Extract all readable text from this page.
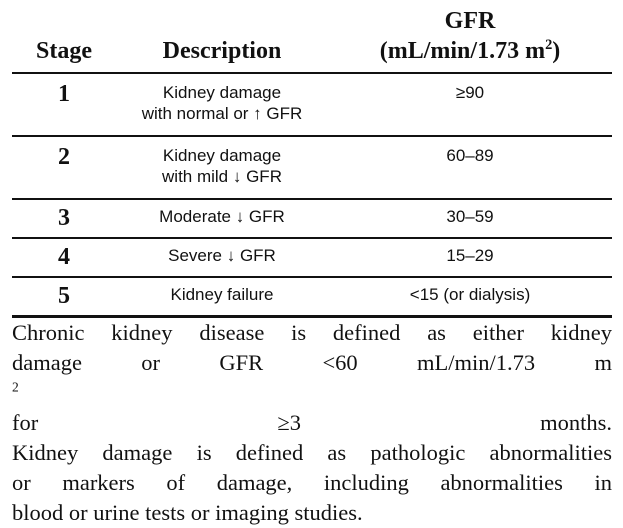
Stage	Description	GFR
(mL/min/1.73 $m^2$)

1	Kidney damage
with normal or ↑ GFR	≥90
2	Kidney damage
with mild ↓ GFR	60–89
3	Moderate ↓ GFR	30–59
4	Severe ↓ GFR	15–29
5	Kidney failure	<15 (or dialysis)

Chronic kidney disease is defined as either kidney
damage or GFR <60 mL/min/1.73 m
$^2$
for ≥3 months.
Kidney damage is defined as pathologic abnormalities
or markers of damage, including abnormalities in
blood or urine tests or imaging studies.
